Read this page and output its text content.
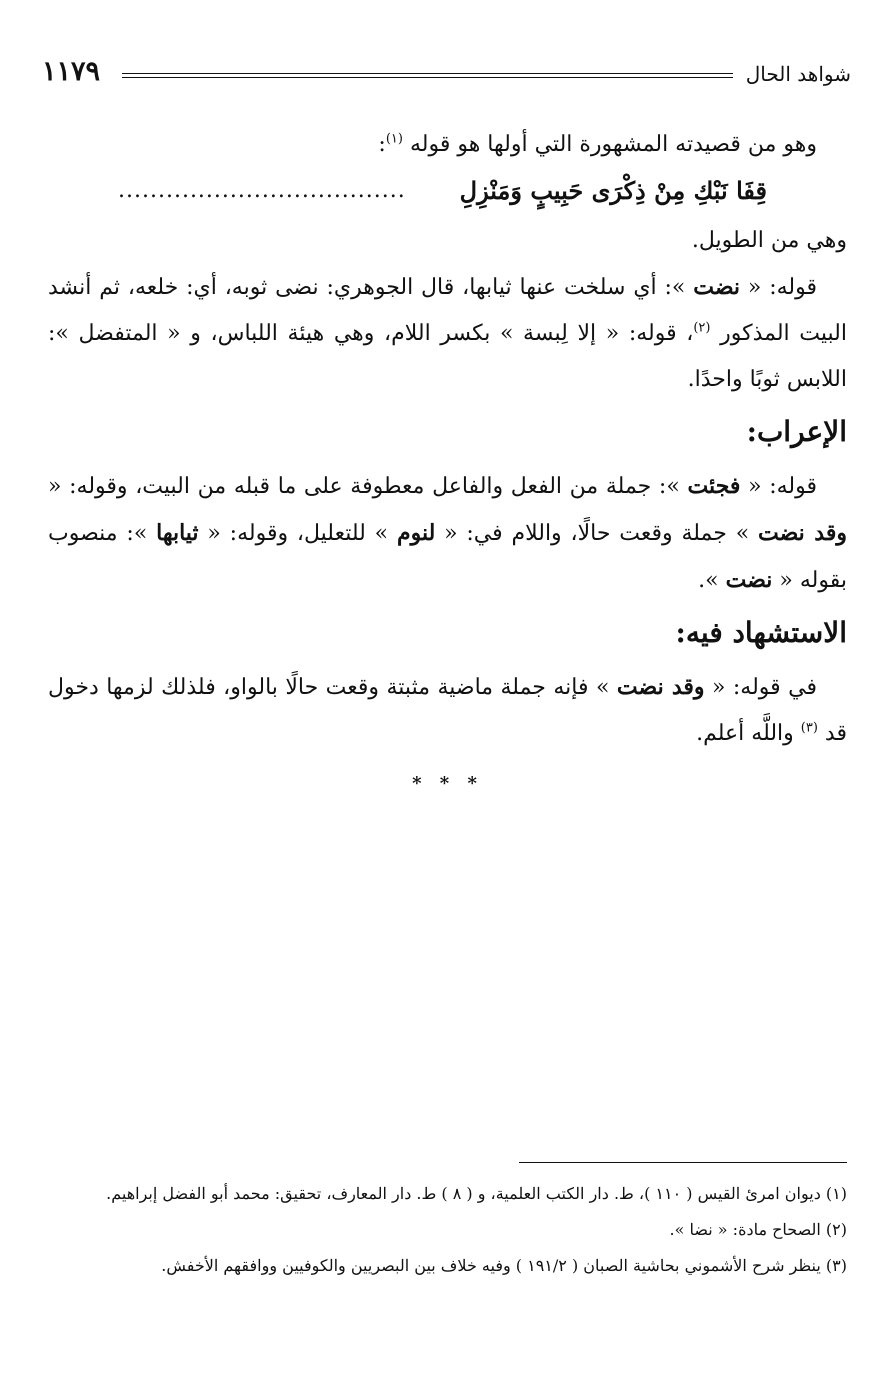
شواهد الحال
١١٧٩

وهو من قصيدته المشهورة التي أولها هو قوله $^{(١)}$:

قِفَا نَبْكِ مِنْ ذِكْرَى حَبِيبٍ وَمَنْزِلِ
....................................

وهي من الطويل.

قوله: « نضت »: أي سلخت عنها ثيابها، قال الجوهري: نضى ثوبه، أي: خلعه، ثم أنشد البيت المذكور $^{(٢)}$، قوله: « إلا لِبسة » بكسر اللام، وهي هيئة اللباس، و « المتفضل »: اللابس ثوبًا واحدًا.

الإعراب:

قوله: « فجئت »: جملة من الفعل والفاعل معطوفة على ما قبله من البيت، وقوله: « وقد نضت » جملة وقعت حالًا، واللام في: « لنوم » للتعليل، وقوله: « ثيابها »: منصوب بقوله « نضت ».

الاستشهاد فيه:

في قوله: « وقد نضت » فإنه جملة ماضية مثبتة وقعت حالًا بالواو، فلذلك لزمها دخول قد $^{(٣)}$ واللَّه أعلم.

* * *

(١) ديوان امرئ القيس ( ١١٠ )، ط. دار الكتب العلمية، و ( ٨ ) ط. دار المعارف، تحقيق: محمد أبو الفضل إبراهيم.

(٢) الصحاح مادة: « نضا ».

(٣) ينظر شرح الأشموني بحاشية الصبان ( ١٩١/٢ ) وفيه خلاف بين البصريين والكوفيين ووافقهم الأخفش.
